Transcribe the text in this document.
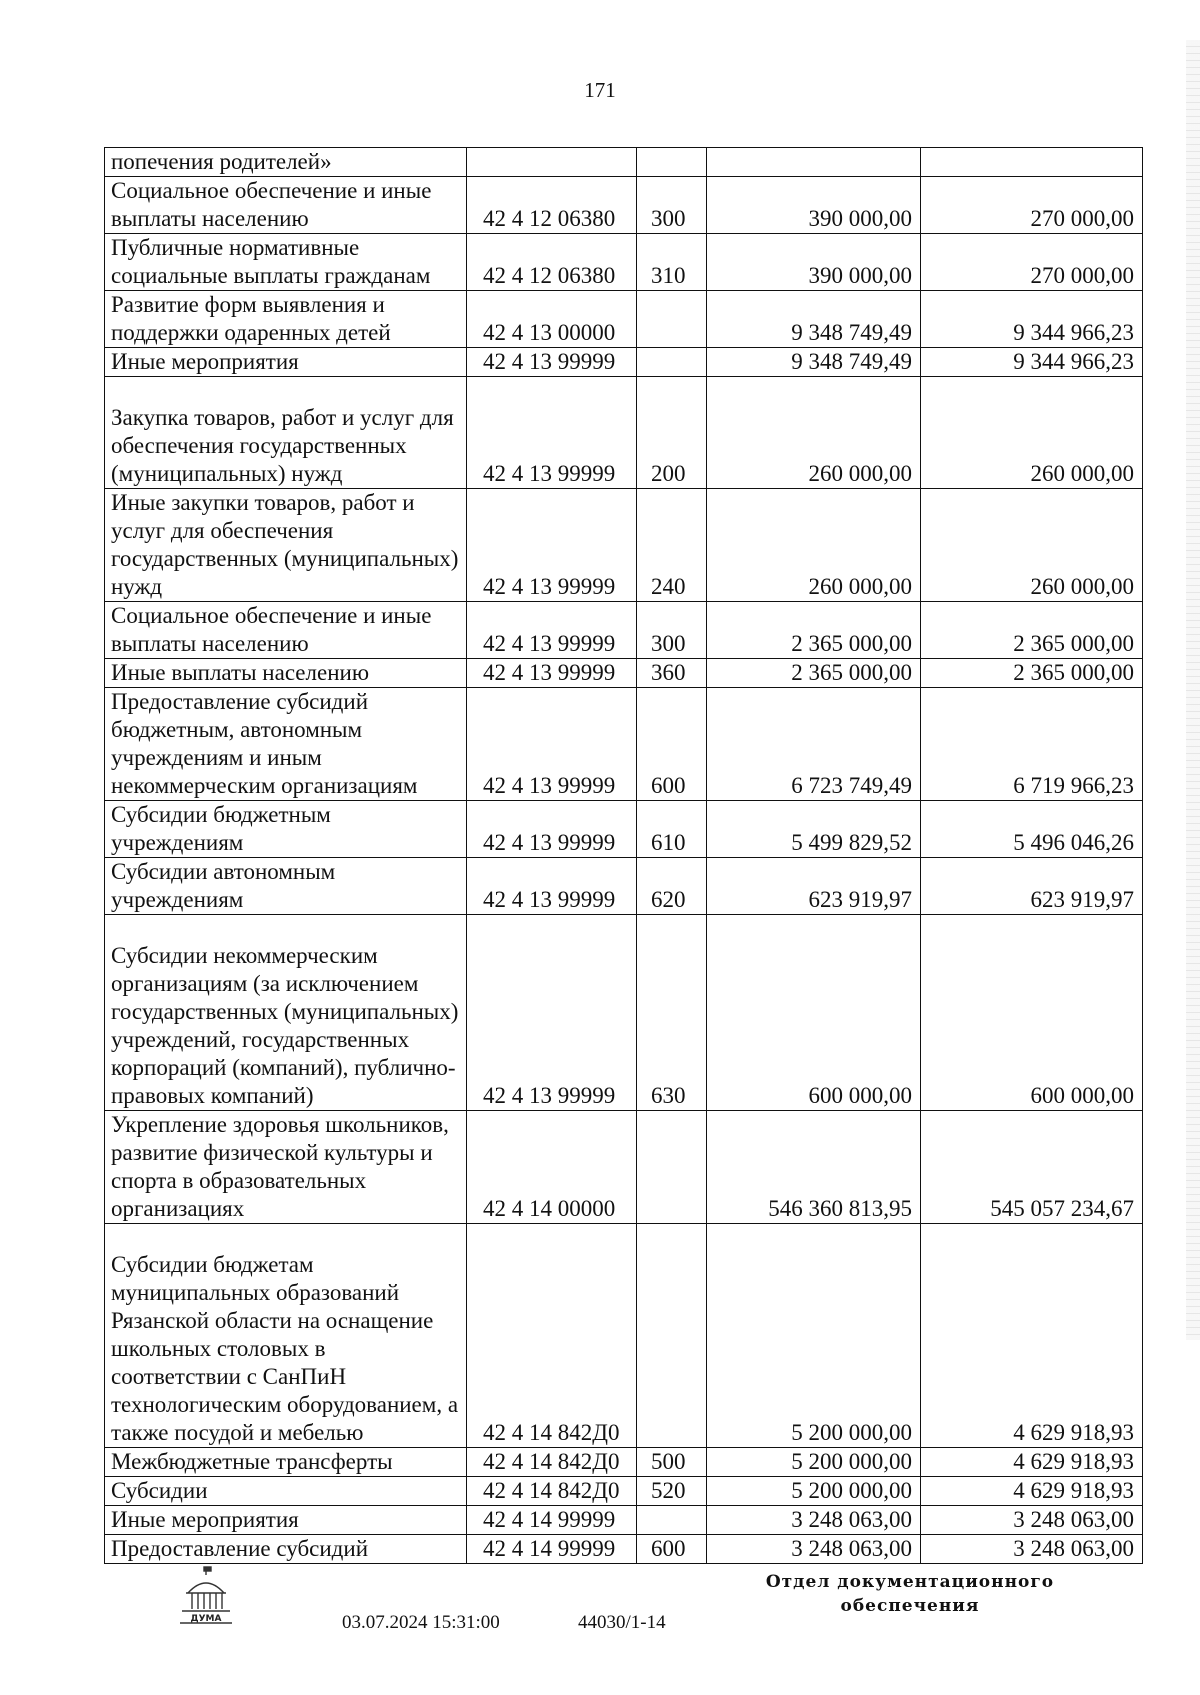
171
попечения родителей»				
Социальное обеспечение и иные выплаты населению	42 4 12 06380	300	390 000,00	270 000,00
Публичные нормативные социальные выплаты гражданам	42 4 12 06380	310	390 000,00	270 000,00
Развитие форм выявления и поддержки одаренных детей	42 4 13 00000		9 348 749,49	9 344 966,23
Иные мероприятия	42 4 13 99999		9 348 749,49	9 344 966,23
Закупка товаров, работ и услуг для обеспечения государственных (муниципальных) нужд	42 4 13 99999	200	260 000,00	260 000,00
Иные закупки товаров, работ и услуг для обеспечения государственных (муниципальных) нужд	42 4 13 99999	240	260 000,00	260 000,00
Социальное обеспечение и иные выплаты населению	42 4 13 99999	300	2 365 000,00	2 365 000,00
Иные выплаты населению	42 4 13 99999	360	2 365 000,00	2 365 000,00
Предоставление субсидий бюджетным, автономным учреждениям и иным некоммерческим организациям	42 4 13 99999	600	6 723 749,49	6 719 966,23
Субсидии бюджетным учреждениям	42 4 13 99999	610	5 499 829,52	5 496 046,26
Субсидии автономным учреждениям	42 4 13 99999	620	623 919,97	623 919,97
Субсидии некоммерческим организациям (за исключением государственных (муниципальных) учреждений, государственных корпораций (компаний), публично-правовых компаний)	42 4 13 99999	630	600 000,00	600 000,00
Укрепление здоровья школьников, развитие физической культуры и спорта в образовательных организациях	42 4 14 00000		546 360 813,95	545 057 234,67
Субсидии бюджетам муниципальных образований Рязанской области на оснащение школьных столовых в соответствии с СанПиН технологическим оборудованием, а также посудой и мебелью	42 4 14 842Д0		5 200 000,00	4 629 918,93
Межбюджетные трансферты	42 4 14 842Д0	500	5 200 000,00	4 629 918,93
Субсидии	42 4 14 842Д0	520	5 200 000,00	4 629 918,93
Иные мероприятия	42 4 14 99999		3 248 063,00	3 248 063,00
Предоставление субсидий	42 4 14 99999	600	3 248 063,00	3 248 063,00
ДУМА	03.07.2024 15:31:00	44030/1-14
Отдел документационного
обеспечения
